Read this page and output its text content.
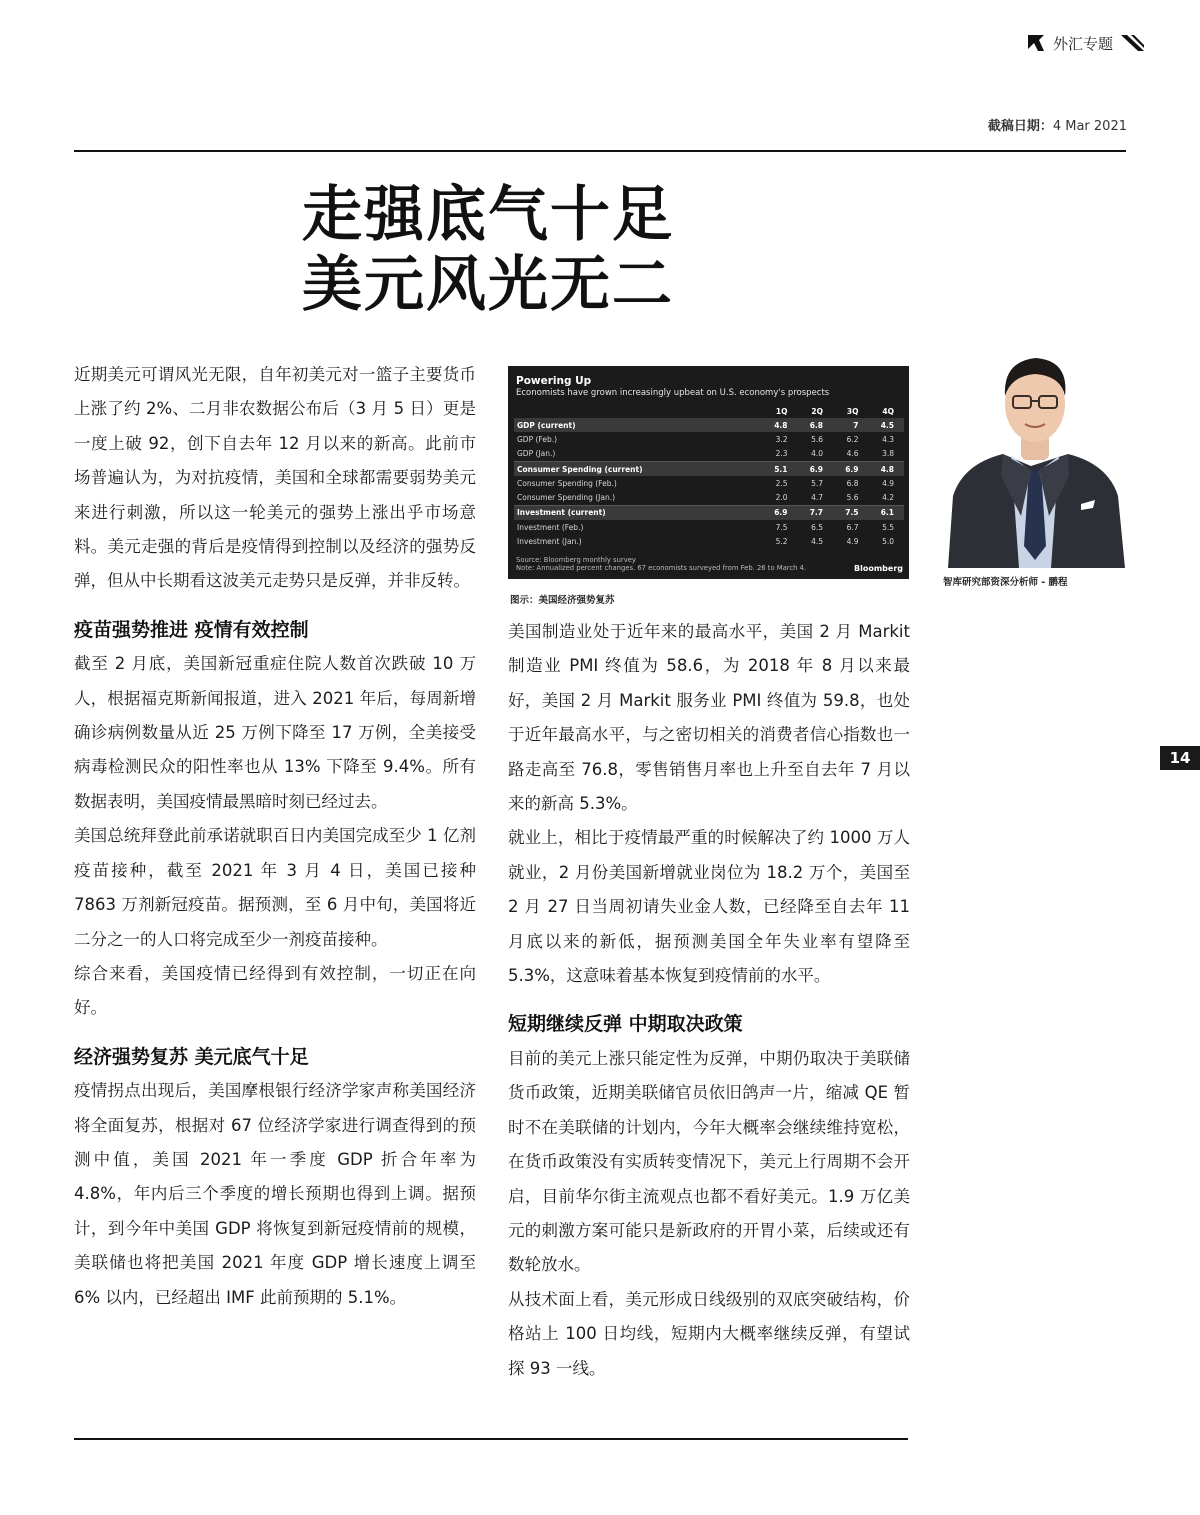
外汇专题
截稿日期：4 Mar 2021
走强底气十足
美元风光无二

近期美元可谓风光无限，自年初美元对一篮子主要货币上涨了约 2%、二月非农数据公布后（3 月 5 日）更是一度上破 92，创下自去年 12 月以来的新高。此前市场普遍认为，为对抗疫情，美国和全球都需要弱势美元来进行刺激，所以这一轮美元的强势上涨出乎市场意料。美元走强的背后是疫情得到控制以及经济的强势反弹，但从中长期看这波美元走势只是反弹，并非反转。

疫苗强势推进 疫情有效控制

截至 2 月底，美国新冠重症住院人数首次跌破 10 万人，根据福克斯新闻报道，进入 2021 年后，每周新增确诊病例数量从近 25 万例下降至 17 万例，全美接受病毒检测民众的阳性率也从 13% 下降至 9.4%。所有数据表明，美国疫情最黑暗时刻已经过去。

美国总统拜登此前承诺就职百日内美国完成至少 1 亿剂疫苗接种，截至 2021 年 3 月 4 日，美国已接种 7863 万剂新冠疫苗。据预测，至 6 月中旬，美国将近二分之一的人口将完成至少一剂疫苗接种。

综合来看，美国疫情已经得到有效控制，一切正在向好。

经济强势复苏 美元底气十足

疫情拐点出现后，美国摩根银行经济学家声称美国经济将全面复苏，根据对 67 位经济学家进行调查得到的预测中值，美国 2021 年一季度 GDP 折合年率为 4.8%，年内后三个季度的增长预期也得到上调。据预计，到今年中美国 GDP 将恢复到新冠疫情前的规模，美联储也将把美国 2021 年度 GDP 增长速度上调至 6% 以内，已经超出 IMF 此前预期的 5.1%。

Powering Up
Economists have grown increasingly upbeat on U.S. economy's prospects
	1Q	2Q	3Q	4Q
GDP (current)	4.8	6.8	7	4.5
GDP (Feb.)	3.2	5.6	6.2	4.3
GDP (Jan.)	2.3	4.0	4.6	3.8
Consumer Spending (current)	5.1	6.9	6.9	4.8
Consumer Spending (Feb.)	2.5	5.7	6.8	4.9
Consumer Spending (Jan.)	2.0	4.7	5.6	4.2
Investment (current)	6.9	7.7	7.5	6.1
Investment (Feb.)	7.5	6.5	6.7	5.5
Investment (Jan.)	5.2	4.5	4.9	5.0
Source: Bloomberg monthly survey
Note: Annualized percent changes. 67 economists surveyed from Feb. 26 to March 4.	Bloomberg
图示：美国经济强势复苏
智库研究部资深分析师 - 鹏程

美国制造业处于近年来的最高水平，美国 2 月 Markit 制造业 PMI 终值为 58.6，为 2018 年 8 月以来最好，美国 2 月 Markit 服务业 PMI 终值为 59.8，也处于近年最高水平，与之密切相关的消费者信心指数也一路走高至 76.8，零售销售月率也上升至自去年 7 月以来的新高 5.3%。

就业上，相比于疫情最严重的时候解决了约 1000 万人就业，2 月份美国新增就业岗位为 18.2 万个，美国至 2 月 27 日当周初请失业金人数，已经降至自去年 11 月底以来的新低，据预测美国全年失业率有望降至 5.3%，这意味着基本恢复到疫情前的水平。

短期继续反弹 中期取决政策

目前的美元上涨只能定性为反弹，中期仍取决于美联储货币政策，近期美联储官员依旧鸽声一片，缩减 QE 暂时不在美联储的计划内，今年大概率会继续维持宽松，在货币政策没有实质转变情况下，美元上行周期不会开启，目前华尔街主流观点也都不看好美元。1.9 万亿美元的刺激方案可能只是新政府的开胃小菜，后续或还有数轮放水。

从技术面上看，美元形成日线级别的双底突破结构，价格站上 100 日均线，短期内大概率继续反弹，有望试探 93 一线。

14
